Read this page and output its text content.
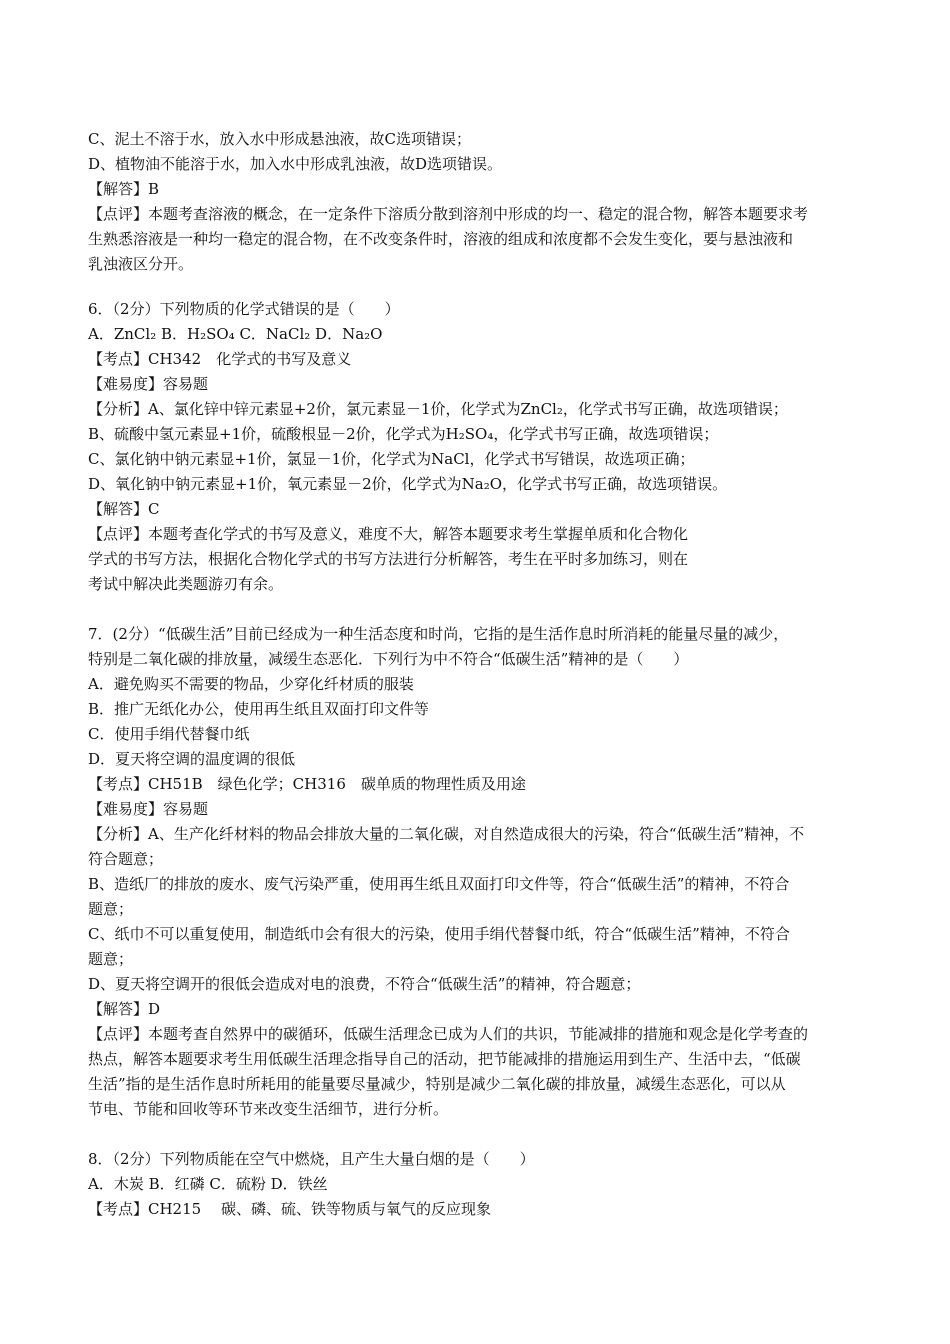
C、泥土不溶于水，放入水中形成悬浊液，故C选项错误；
D、植物油不能溶于水，加入水中形成乳浊液，故D选项错误。
【解答】B
【点评】本题考查溶液的概念，在一定条件下溶质分散到溶剂中形成的均一、稳定的混合物，解答本题要求考
生熟悉溶液是一种均一稳定的混合物，在不改变条件时，溶液的组成和浓度都不会发生变化，要与悬浊液和
乳浊液区分开。
6．（2分）下列物质的化学式错误的是（　　）
A．ZnCl₂ B．H₂SO₄ C．NaCl₂ D．Na₂O
【考点】CH342　化学式的书写及意义
【难易度】容易题
【分析】A、氯化锌中锌元素显+2价，氯元素显－1价，化学式为ZnCl₂，化学式书写正确，故选项错误；
B、硫酸中氢元素显+1价，硫酸根显－2价，化学式为H₂SO₄，化学式书写正确，故选项错误；
C、氯化钠中钠元素显+1价，氯显－1价，化学式为NaCl，化学式书写错误，故选项正确；
D、氧化钠中钠元素显+1价，氧元素显－2价，化学式为Na₂O，化学式书写正确，故选项错误。
【解答】C
【点评】本题考查化学式的书写及意义，难度不大，解答本题要求考生掌握单质和化合物化
学式的书写方法，根据化合物化学式的书写方法进行分析解答，考生在平时多加练习，则在
考试中解决此类题游刃有余。
7．(2分）“低碳生活”目前已经成为一种生活态度和时尚，它指的是生活作息时所消耗的能量尽量的减少，
特别是二氧化碳的排放量，减缓生态恶化．下列行为中不符合“低碳生活”精神的是（　　）
A．避免购买不需要的物品，少穿化纤材质的服装
B．推广无纸化办公，使用再生纸且双面打印文件等
C．使用手绢代替餐巾纸
D．夏天将空调的温度调的很低
【考点】CH51B　绿色化学；CH316　碳单质的物理性质及用途
【难易度】容易题
【分析】A、生产化纤材料的物品会排放大量的二氧化碳，对自然造成很大的污染，符合“低碳生活”精神，不
符合题意；
B、造纸厂的排放的废水、废气污染严重，使用再生纸且双面打印文件等，符合“低碳生活”的精神，不符合
题意；
C、纸巾不可以重复使用，制造纸巾会有很大的污染，使用手绢代替餐巾纸，符合“低碳生活”精神，不符合
题意；
D、夏天将空调开的很低会造成对电的浪费，不符合“低碳生活”的精神，符合题意；
【解答】D
【点评】本题考查自然界中的碳循环，低碳生活理念已成为人们的共识，节能减排的措施和观念是化学考查的
热点，解答本题要求考生用低碳生活理念指导自己的活动，把节能减排的措施运用到生产、生活中去，“低碳
生活”指的是生活作息时所耗用的能量要尽量减少，特别是减少二氧化碳的排放量，减缓生态恶化，可以从
节电、节能和回收等环节来改变生活细节，进行分析。
8．（2分）下列物质能在空气中燃烧，且产生大量白烟的是（　　）
A．木炭 B．红磷 C．硫粉 D．铁丝
【考点】CH215　 碳、磷、硫、铁等物质与氧气的反应现象
